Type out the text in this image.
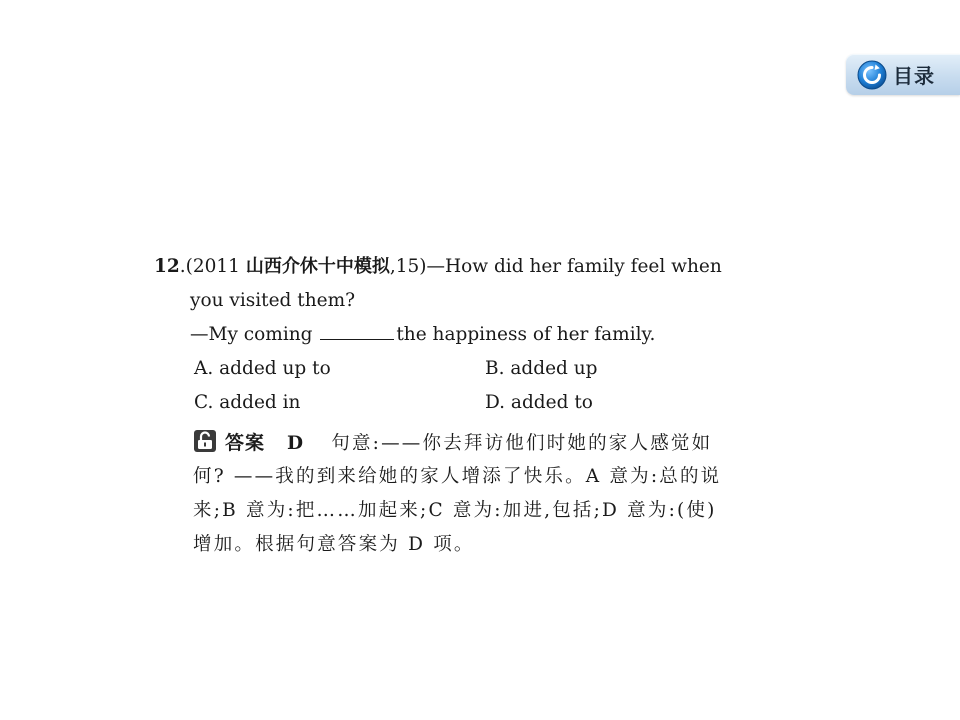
目录
12.(2011 山西介休十中模拟,15)—How did her family feel when
you visited them?
—My coming	the happiness of her family.
A. added up to	B. added up
C. added in	D. added to
答案 D 句意:——你去拜访他们时她的家人感觉如
何? ——我的到来给她的家人增添了快乐。A 意为:总的说
来;B 意为:把……加起来;C 意为:加进,包括;D 意为:(使)
增加。根据句意答案为 D 项。
